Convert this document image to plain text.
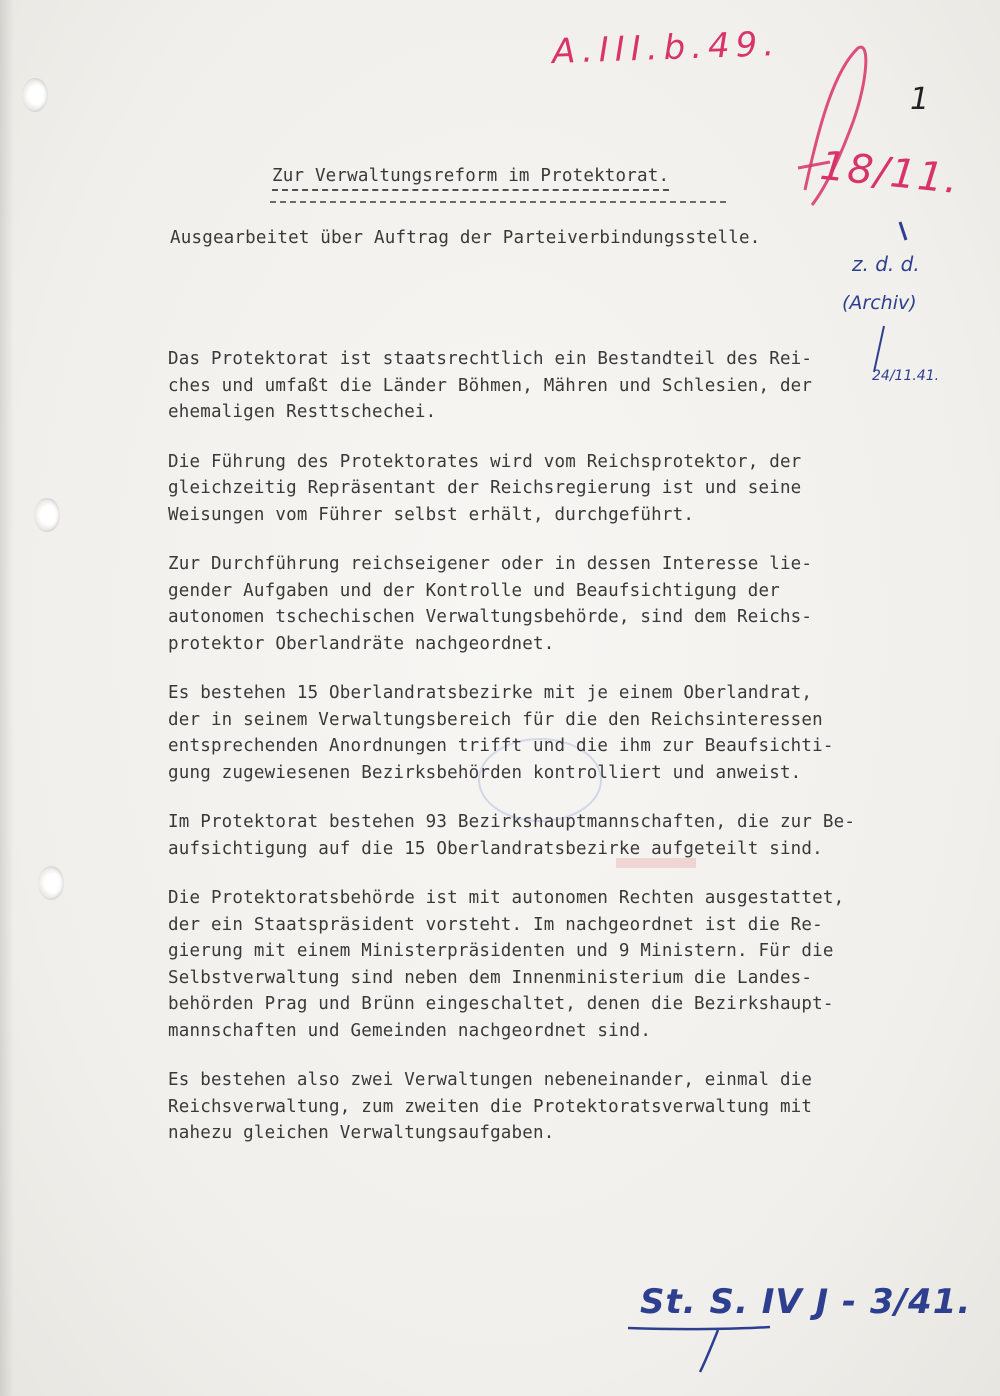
A.III.b.49.
18/11.
1
z. d. d.
(Archiv)
24/11.41.
Zur Verwaltungsreform im Protektorat.
Ausgearbeitet über Auftrag der Parteiverbindungsstelle.
Das Protektorat ist staatsrechtlich ein Bestandteil des Rei-
ches und umfaßt die Länder Böhmen, Mähren und Schlesien, der
ehemaligen Resttschechei.
Die Führung des Protektorates wird vom Reichsprotektor, der
gleichzeitig Repräsentant der Reichsregierung ist und seine
Weisungen vom Führer selbst erhält, durchgeführt.
Zur Durchführung reichseigener oder in dessen Interesse lie-
gender Aufgaben und der Kontrolle und Beaufsichtigung der
autonomen tschechischen Verwaltungsbehörde, sind dem Reichs-
protektor Oberlandräte nachgeordnet.
Es bestehen 15 Oberlandratsbezirke mit je einem Oberlandrat,
der in seinem Verwaltungsbereich für die den Reichsinteressen
entsprechenden Anordnungen trifft und die ihm zur Beaufsichti-
gung zugewiesenen Bezirksbehörden kontrolliert und anweist.
Im Protektorat bestehen 93 Bezirkshauptmannschaften, die zur Be-
aufsichtigung auf die 15 Oberlandratsbezirke aufgeteilt sind.
Die Protektoratsbehörde ist mit autonomen Rechten ausgestattet,
der ein Staatspräsident vorsteht. Im nachgeordnet ist die Re-
gierung mit einem Ministerpräsidenten und 9 Ministern. Für die
Selbstverwaltung sind neben dem Innenministerium die Landes-
behörden Prag und Brünn eingeschaltet, denen die Bezirkshaupt-
mannschaften und Gemeinden nachgeordnet sind.
Es bestehen also zwei Verwaltungen nebeneinander, einmal die
Reichsverwaltung, zum zweiten die Protektoratsverwaltung mit
nahezu gleichen Verwaltungsaufgaben.
St. S. IV J - 3/41.
